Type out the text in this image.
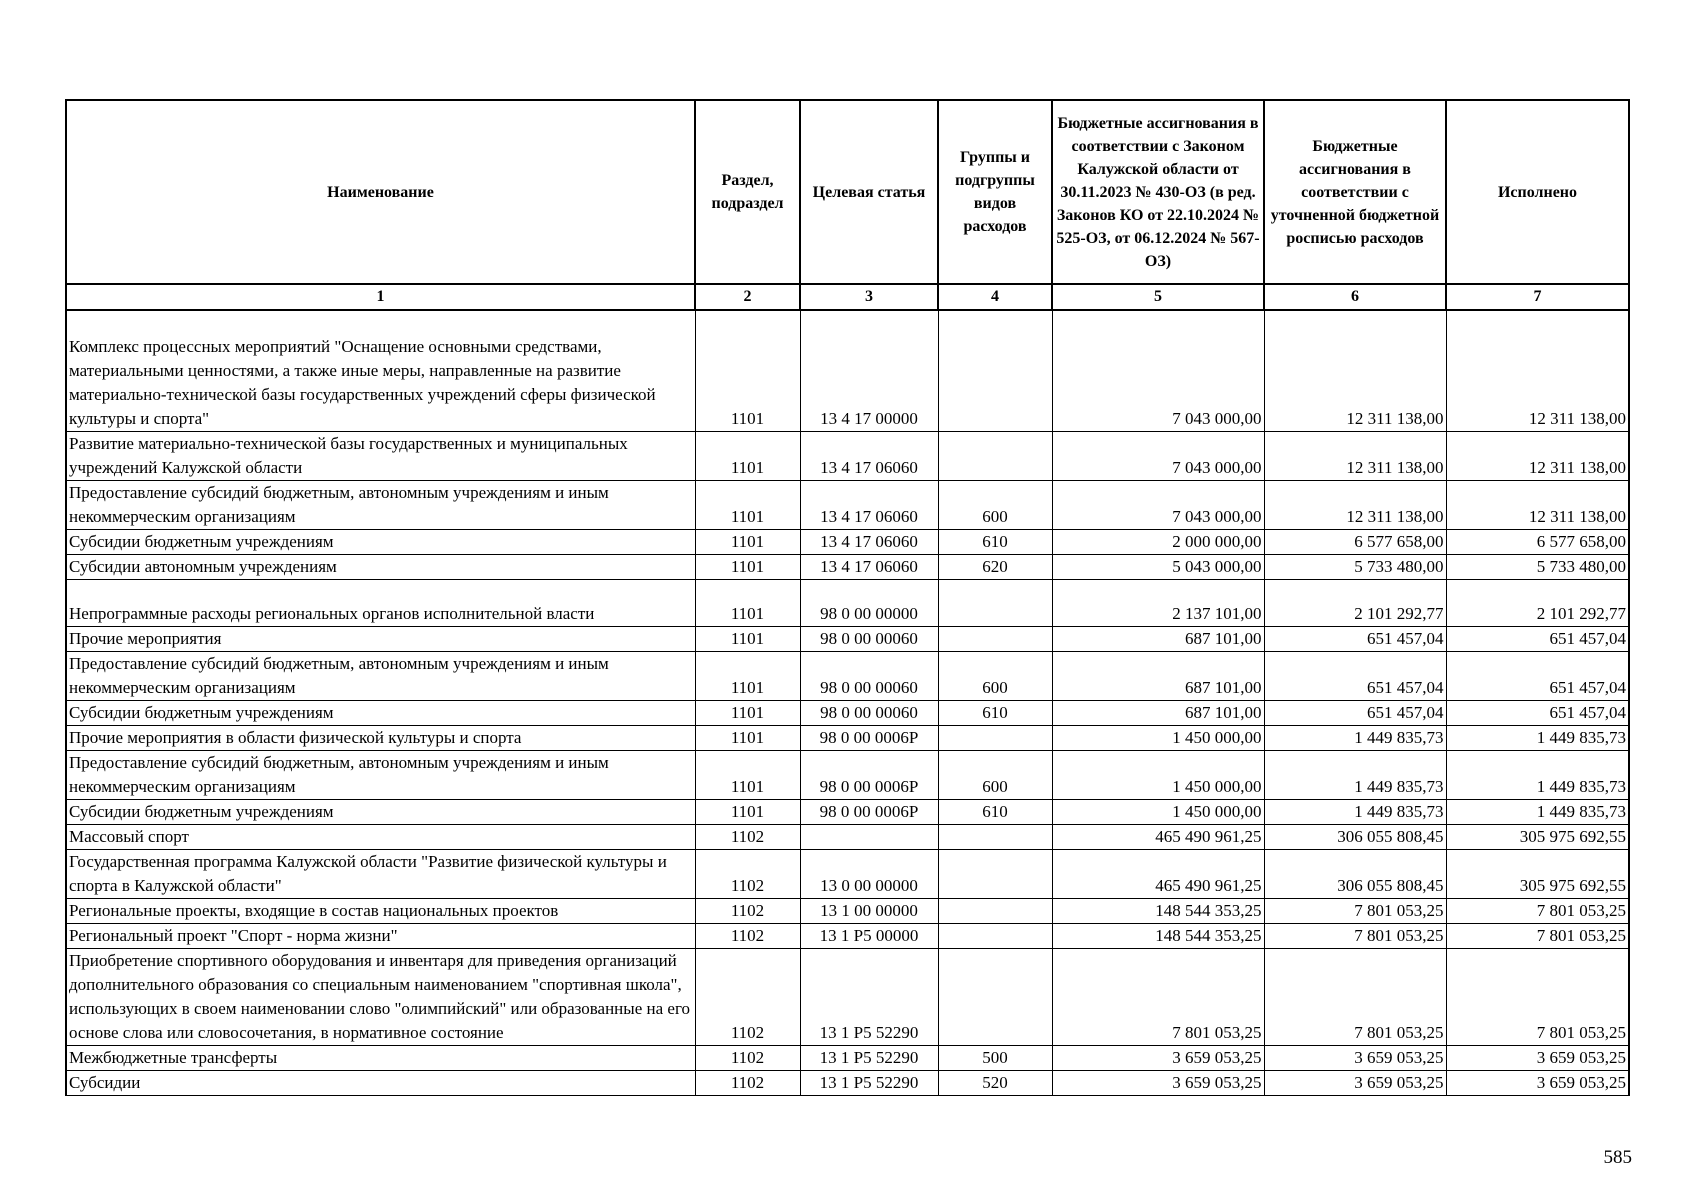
Наименование	Раздел, подраздел	Целевая статья	Группы и подгруппы видов расходов	Бюджетные ассигнования в соответствии с Законом Калужской области от 30.11.2023 № 430-ОЗ (в ред. Законов КО от 22.10.2024 № 525-ОЗ, от 06.12.2024 № 567-ОЗ)	Бюджетные ассигнования в соответствии с уточненной бюджетной росписью расходов	Исполнено
1	2	3	4	5	6	7
Комплекс процессных мероприятий "Оснащение основными средствами, материальными ценностями, а также иные меры, направленные на развитие материально-технической базы государственных учреждений сферы физической культуры и спорта"	1101	13 4 17 00000		7 043 000,00	12 311 138,00	12 311 138,00
Развитие материально-технической базы государственных и муниципальных учреждений Калужской области	1101	13 4 17 06060		7 043 000,00	12 311 138,00	12 311 138,00
Предоставление субсидий бюджетным, автономным учреждениям и иным некоммерческим организациям	1101	13 4 17 06060	600	7 043 000,00	12 311 138,00	12 311 138,00
Субсидии бюджетным учреждениям	1101	13 4 17 06060	610	2 000 000,00	6 577 658,00	6 577 658,00
Субсидии автономным учреждениям	1101	13 4 17 06060	620	5 043 000,00	5 733 480,00	5 733 480,00
Непрограммные расходы региональных органов исполнительной власти	1101	98 0 00 00000		2 137 101,00	2 101 292,77	2 101 292,77
Прочие мероприятия	1101	98 0 00 00060		687 101,00	651 457,04	651 457,04
Предоставление субсидий бюджетным, автономным учреждениям и иным некоммерческим организациям	1101	98 0 00 00060	600	687 101,00	651 457,04	651 457,04
Субсидии бюджетным учреждениям	1101	98 0 00 00060	610	687 101,00	651 457,04	651 457,04
Прочие мероприятия в области физической культуры и спорта	1101	98 0 00 0006Р		1 450 000,00	1 449 835,73	1 449 835,73
Предоставление субсидий бюджетным, автономным учреждениям и иным некоммерческим организациям	1101	98 0 00 0006Р	600	1 450 000,00	1 449 835,73	1 449 835,73
Субсидии бюджетным учреждениям	1101	98 0 00 0006Р	610	1 450 000,00	1 449 835,73	1 449 835,73
Массовый спорт	1102			465 490 961,25	306 055 808,45	305 975 692,55
Государственная программа Калужской области "Развитие физической культуры и спорта в Калужской области"	1102	13 0 00 00000		465 490 961,25	306 055 808,45	305 975 692,55
Региональные проекты, входящие в состав национальных проектов	1102	13 1 00 00000		148 544 353,25	7 801 053,25	7 801 053,25
Региональный проект "Спорт - норма жизни"	1102	13 1 Р5 00000		148 544 353,25	7 801 053,25	7 801 053,25
Приобретение спортивного оборудования и инвентаря для приведения организаций дополнительного образования со специальным наименованием "спортивная школа", использующих в своем наименовании слово "олимпийский" или образованные на его основе слова или словосочетания, в нормативное состояние	1102	13 1 Р5 52290		7 801 053,25	7 801 053,25	7 801 053,25
Межбюджетные трансферты	1102	13 1 Р5 52290	500	3 659 053,25	3 659 053,25	3 659 053,25
Субсидии	1102	13 1 Р5 52290	520	3 659 053,25	3 659 053,25	3 659 053,25
585
